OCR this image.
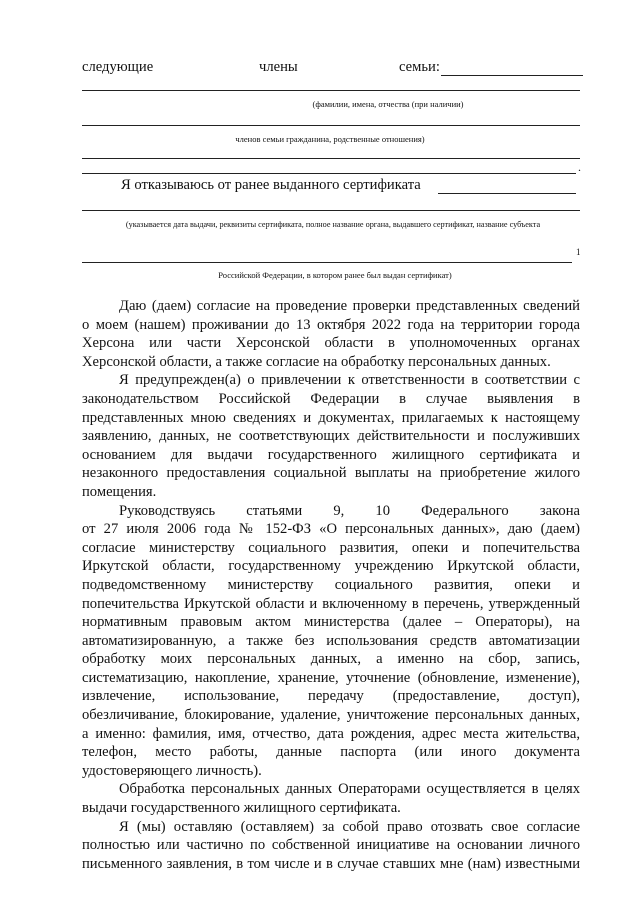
следующие	члены	семьи:
(фамилии, имена, отчества (при наличии)
членов семьи гражданина, родственные отношения)
.
Я отказываюсь от ранее выданного сертификата
(указывается дата выдачи, реквизиты сертификата, полное название органа, выдавшего сертификат, название субъекта
1
Российской Федерации, в котором ранее был выдан сертификат)
Даю (даем) согласие на проведение проверки представленных сведений
о моем (нашем) проживании до 13 октября 2022 года на территории города
Херсона или части Херсонской области в уполномоченных органах
Херсонской области, а также согласие на обработку персональных данных.
Я предупрежден(а) о привлечении к ответственности в соответствии с
законодательством Российской Федерации в случае выявления в
представленных мною сведениях и документах, прилагаемых к настоящему
заявлению, данных, не соответствующих действительности и послуживших
основанием для выдачи государственного жилищного сертификата и
незаконного предоставления социальной выплаты на приобретение жилого
помещения.
Руководствуясь статьями 9, 10 Федерального закона
от 27 июля 2006 года № 152-ФЗ «О персональных данных», даю (даем)
согласие министерству социального развития, опеки и попечительства
Иркутской области, государственному учреждению Иркутской области,
подведомственному министерству социального развития, опеки и
попечительства Иркутской области и включенному в перечень, утвержденный
нормативным правовым актом министерства (далее – Операторы), на
автоматизированную, а также без использования средств автоматизации
обработку моих персональных данных, а именно на сбор, запись,
систематизацию, накопление, хранение, уточнение (обновление, изменение),
извлечение, использование, передачу (предоставление, доступ),
обезличивание, блокирование, удаление, уничтожение персональных данных,
а именно: фамилия, имя, отчество, дата рождения, адрес места жительства,
телефон, место работы, данные паспорта (или иного документа
удостоверяющего личность).
Обработка персональных данных Операторами осуществляется в целях
выдачи государственного жилищного сертификата.
Я (мы) оставляю (оставляем) за собой право отозвать свое согласие
полностью или частично по собственной инициативе на основании личного
письменного заявления, в том числе и в случае ставших мне (нам) известными
